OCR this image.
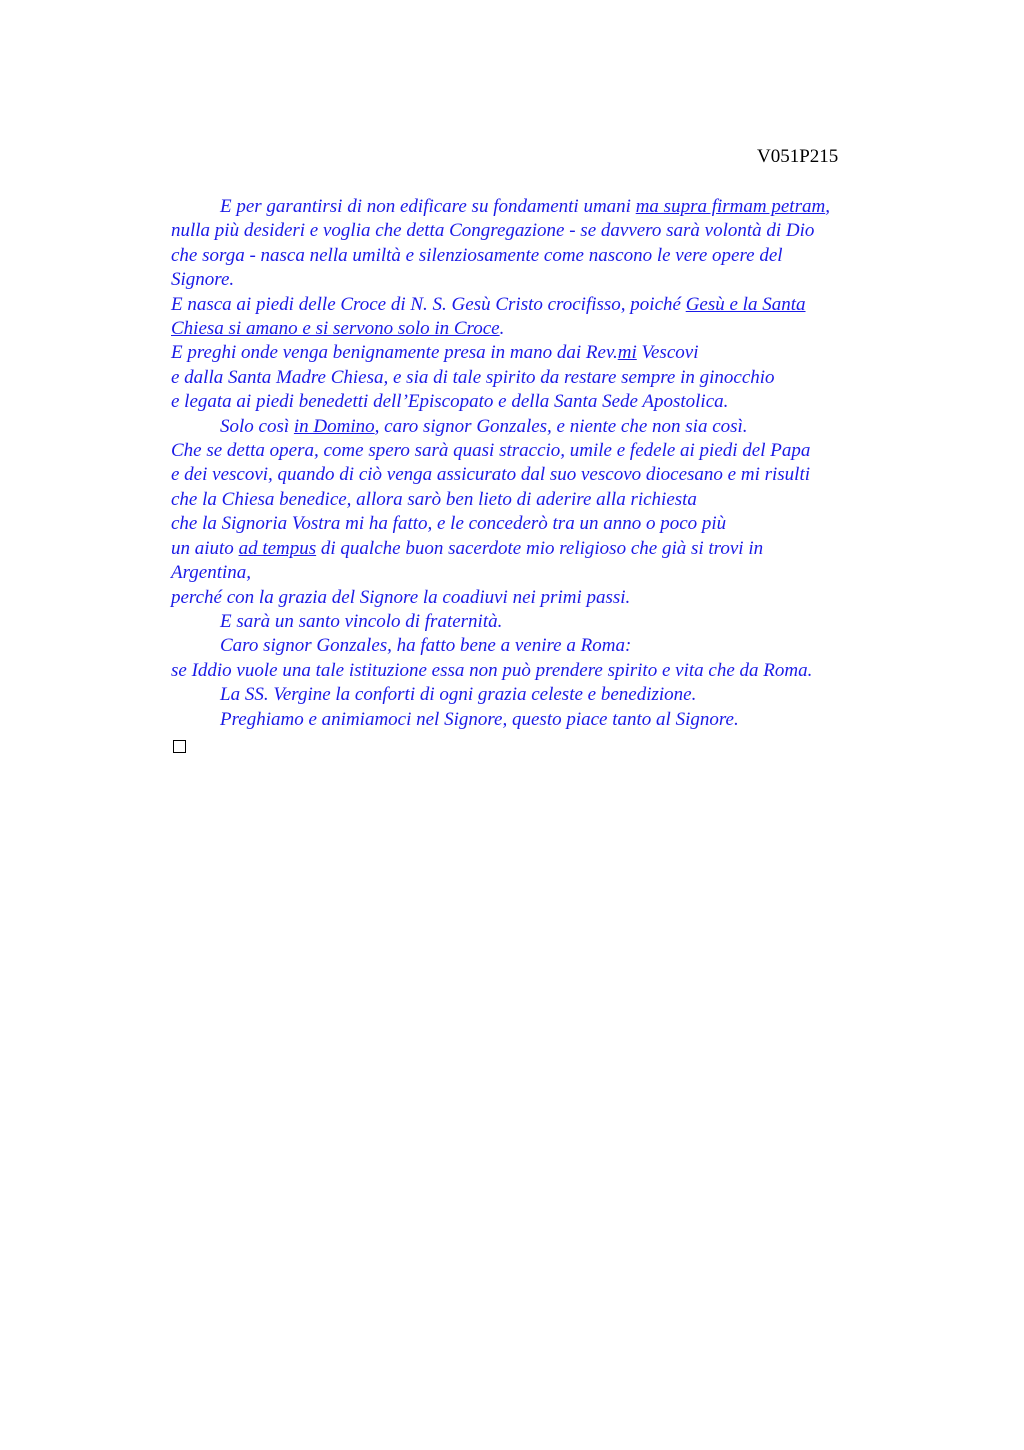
V051P215
E per garantirsi di non edificare su fondamenti umani ma supra firmam petram,
nulla più desideri e voglia che detta Congregazione - se davvero sarà volontà di Dio
che sorga - nasca nella umiltà e silenziosamente come nascono le vere opere del
Signore.
E nasca ai piedi delle Croce di N. S. Gesù Cristo crocifisso, poiché Gesù e la Santa
Chiesa si amano e si servono solo in Croce.
E preghi onde venga benignamente presa in mano dai Rev.mi Vescovi
e dalla Santa Madre Chiesa, e sia di tale spirito da restare sempre in ginocchio
e legata ai piedi benedetti dell’Episcopato e della Santa Sede Apostolica.
Solo così in Domino, caro signor Gonzales, e niente che non sia così.
Che se detta opera, come spero sarà quasi straccio, umile e fedele ai piedi del Papa
e dei vescovi, quando di ciò venga assicurato dal suo vescovo diocesano e mi risulti
che la Chiesa benedice, allora sarò ben lieto di aderire alla richiesta
che la Signoria Vostra mi ha fatto, e le concederò tra un anno o poco più
un aiuto ad tempus di qualche buon sacerdote mio religioso che già si trovi in
Argentina,
perché con la grazia del Signore la coadiuvi nei primi passi.
E sarà un santo vincolo di fraternità.
Caro signor Gonzales, ha fatto bene a venire a Roma:
se Iddio vuole una tale istituzione essa non può prendere spirito e vita che da Roma.
La SS. Vergine la conforti di ogni grazia celeste e benedizione.
Preghiamo e animiamoci nel Signore, questo piace tanto al Signore.
